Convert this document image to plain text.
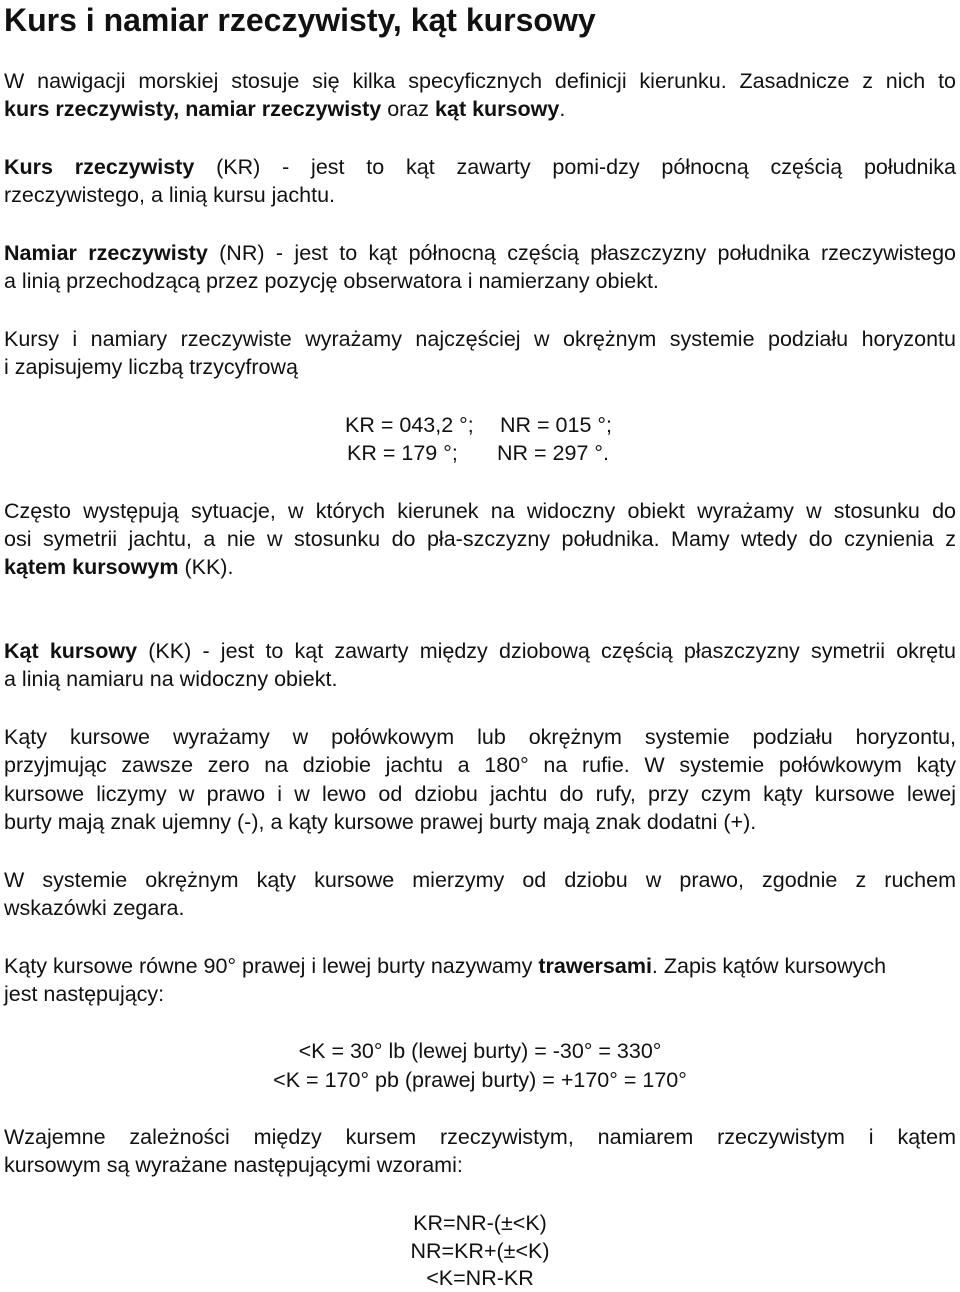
Kurs i namiar rzeczywisty, kąt kursowy
W nawigacji morskiej stosuje się kilka specyficznych definicji kierunku. Zasadnicze z nich to
kurs rzeczywisty, namiar rzeczywisty oraz kąt kursowy.
Kurs rzeczywisty (KR) - jest to kąt zawarty pomi-dzy północną częścią południka
rzeczywistego, a linią kursu jachtu.
Namiar rzeczywisty (NR) - jest to kąt północną częścią płaszczyzny południka rzeczywistego
a linią przechodzącą przez pozycję obserwatora i namierzany obiekt.
Kursy i namiary rzeczywiste wyrażamy najczęściej w okrężnym systemie podziału horyzontu
i zapisujemy liczbą trzycyfrową
KR = 043,2 °; NR = 015 °;
KR = 179 °; NR = 297 °.
Często występują sytuacje, w których kierunek na widoczny obiekt wyrażamy w stosunku do
osi symetrii jachtu, a nie w stosunku do pła-szczyzny południka. Mamy wtedy do czynienia z
kątem kursowym (KK).
Kąt kursowy (KK) - jest to kąt zawarty między dziobową częścią płaszczyzny symetrii okrętu
a linią namiaru na widoczny obiekt.
Kąty kursowe wyrażamy w połówkowym lub okrężnym systemie podziału horyzontu,
przyjmując zawsze zero na dziobie jachtu a 180° na rufie. W systemie połówkowym kąty
kursowe liczymy w prawo i w lewo od dziobu jachtu do rufy, przy czym kąty kursowe lewej
burty mają znak ujemny (-), a kąty kursowe prawej burty mają znak dodatni (+).
W systemie okrężnym kąty kursowe mierzymy od dziobu w prawo, zgodnie z ruchem
wskazówki zegara.
Kąty kursowe równe 90° prawej i lewej burty nazywamy trawersami. Zapis kątów kursowych
jest następujący:
<K = 30° lb (lewej burty) = -30° = 330°
<K = 170° pb (prawej burty) = +170° = 170°
Wzajemne zależności między kursem rzeczywistym, namiarem rzeczywistym i kątem
kursowym są wyrażane następującymi wzorami:
KR=NR-(±<K)
NR=KR+(±<K)
<K=NR-KR
